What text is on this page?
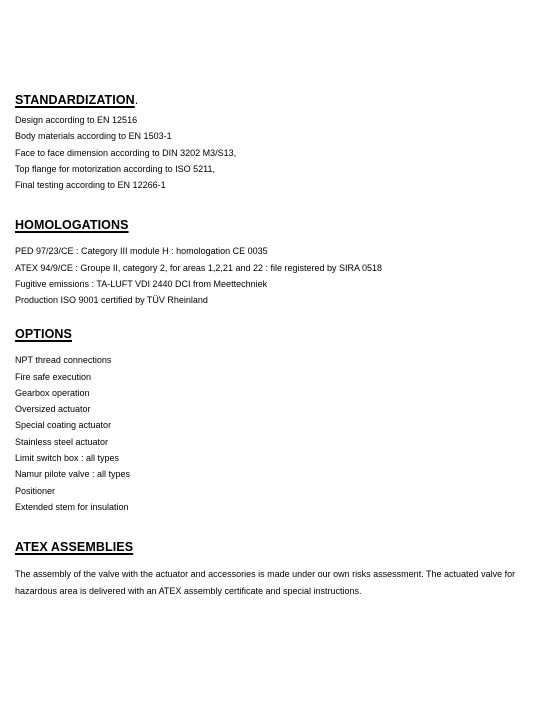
STANDARDIZATION.
Design according to EN 12516
Body materials according to EN 1503-1
Face to face dimension according to DIN 3202 M3/S13,
Top flange for motorization according to ISO 5211,
Final testing according to EN 12266-1
HOMOLOGATIONS
PED 97/23/CE : Category III module H : homologation CE 0035
ATEX 94/9/CE : Groupe II, category 2, for areas 1,2,21 and 22 : file registered by SIRA 0518
Fugitive emissions : TA-LUFT VDI 2440 DCI from Meettechniek
Production ISO 9001 certified by TÜV Rheinland
OPTIONS
NPT thread connections
Fire safe execution
Gearbox operation
Oversized actuator
Special coating actuator
Stainless steel actuator
Limit switch box : all types
Namur pilote valve : all types
Positioner
Extended stem for insulation
ATEX ASSEMBLIES
The assembly of the valve with the actuator and accessories is made under our own risks assessment. The actuated valve for hazardous area is delivered with an ATEX assembly certificate and special instructions.
